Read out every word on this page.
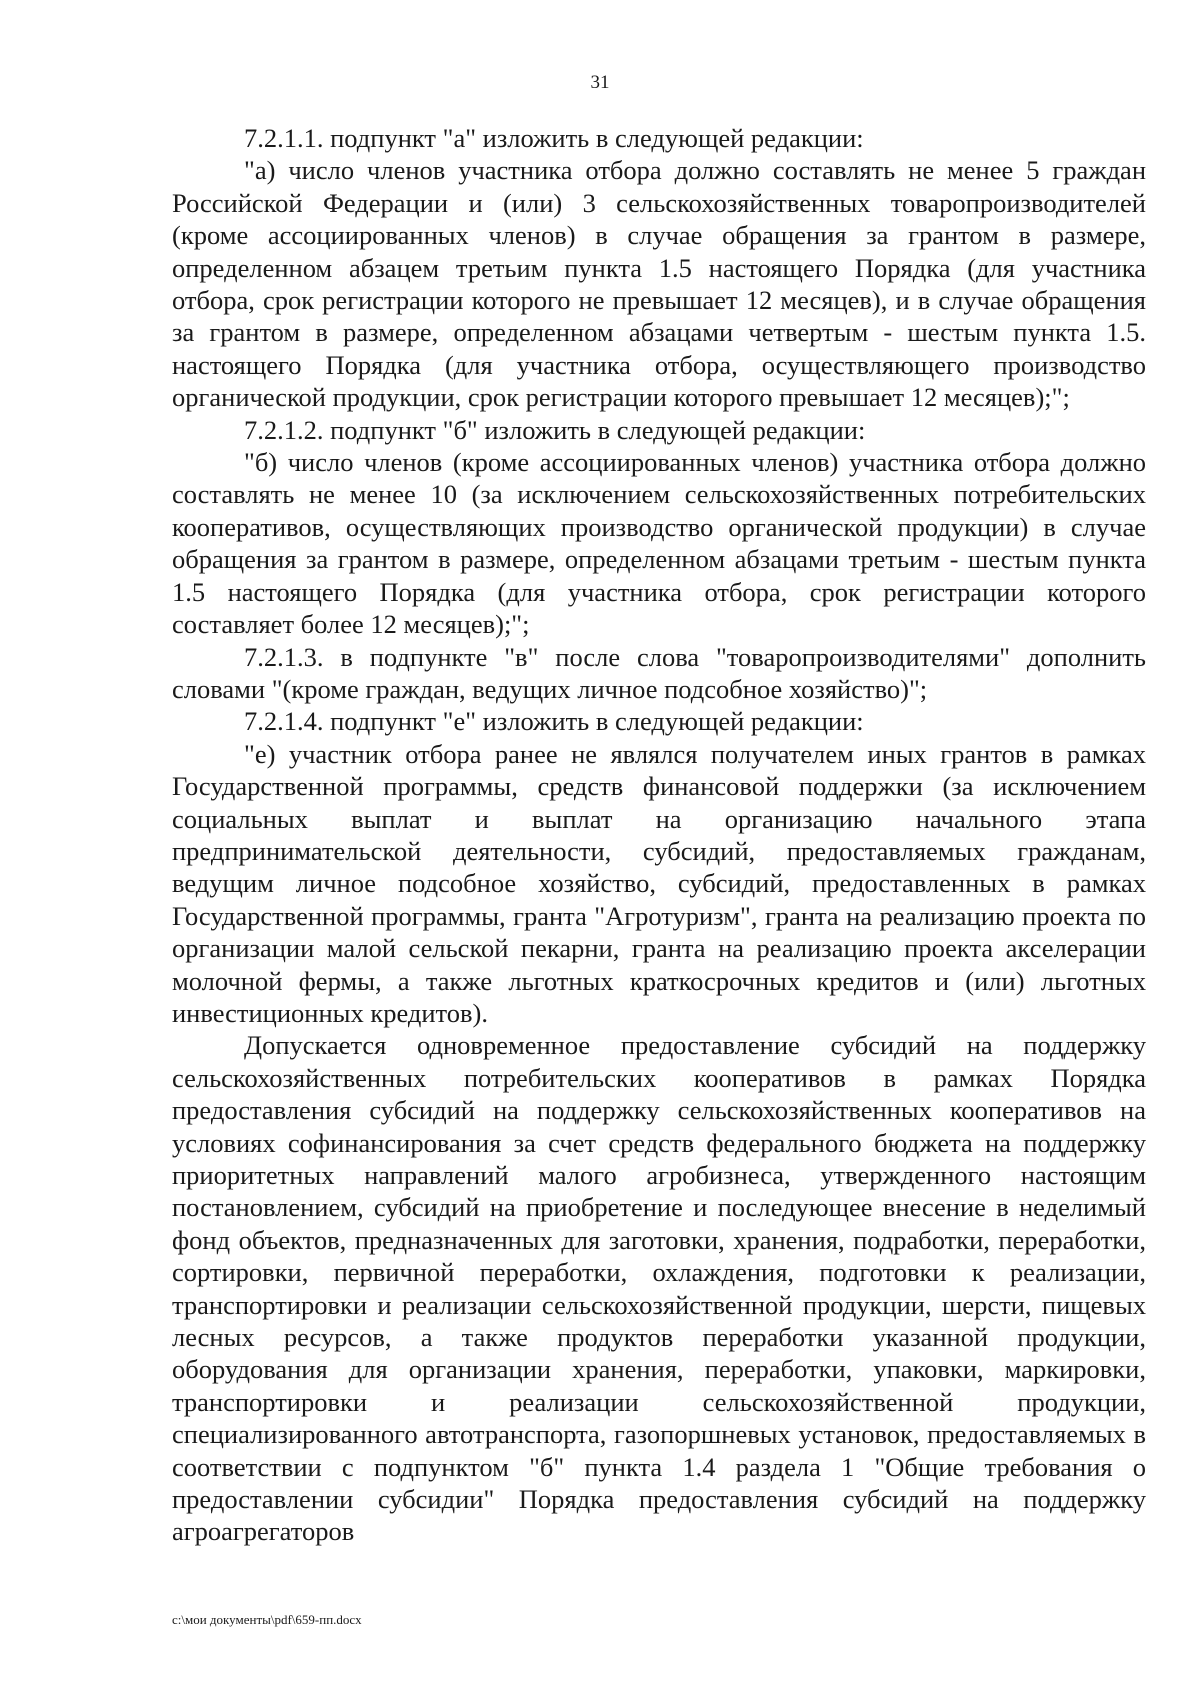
31

7.2.1.1. подпункт "а" изложить в следующей редакции:

"а) число членов участника отбора должно составлять не менее 5 граждан Российской Федерации и (или) 3 сельскохозяйственных товаропроизводителей (кроме ассоциированных членов) в случае обращения за грантом в размере, определенном абзацем третьим пункта 1.5 настоящего Порядка (для участника отбора, срок регистрации которого не превышает 12 месяцев), и в случае обращения за грантом в размере, определенном абзацами четвертым - шестым пункта 1.5. настоящего Порядка (для участника отбора, осуществляющего производство органической продукции, срок регистрации которого превышает 12 месяцев);";

7.2.1.2. подпункт "б" изложить в следующей редакции:

"б) число членов (кроме ассоциированных членов) участника отбора должно составлять не менее 10 (за исключением сельскохозяйственных потребительских кооперативов, осуществляющих производство органической продукции) в случае обращения за грантом в размере, определенном абзацами третьим - шестым пункта 1.5 настоящего Порядка (для участника отбора, срок регистрации которого составляет более 12 месяцев);";

7.2.1.3. в подпункте "в" после слова "товаропроизводителями" дополнить словами "(кроме граждан, ведущих личное подсобное хозяйство)";

7.2.1.4. подпункт "е" изложить в следующей редакции:

"е) участник отбора ранее не являлся получателем иных грантов в рамках Государственной программы, средств финансовой поддержки (за исключением социальных выплат и выплат на организацию начального этапа предпринимательской деятельности, субсидий, предоставляемых гражданам, ведущим личное подсобное хозяйство, субсидий, предоставленных в рамках Государственной программы, гранта "Агротуризм", гранта на реализацию проекта по организации малой сельской пекарни, гранта на реализацию проекта акселерации молочной фермы, а также льготных краткосрочных кредитов и (или) льготных инвестиционных кредитов).

Допускается одновременное предоставление субсидий на поддержку сельскохозяйственных потребительских кооперативов в рамках Порядка предоставления субсидий на поддержку сельскохозяйственных кооперативов на условиях софинансирования за счет средств федерального бюджета на поддержку приоритетных направлений малого агробизнеса, утвержденного настоящим постановлением, субсидий на приобретение и последующее внесение в неделимый фонд объектов, предназначенных для заготовки, хранения, подработки, переработки, сортировки, первичной переработки, охлаждения, подготовки к реализации, транспортировки и реализации сельскохозяйственной продукции, шерсти, пищевых лесных ресурсов, а также продуктов переработки указанной продукции, оборудования для организации хранения, переработки, упаковки, маркировки, транспортировки и реализации сельскохозяйственной продукции, специализированного автотранспорта, газопоршневых установок, предоставляемых в соответствии с подпунктом "б" пункта 1.4 раздела 1 "Общие требования о предоставлении субсидии" Порядка предоставления субсидий на поддержку агроагрегаторов

c:\мои документы\pdf\659-пп.docx
